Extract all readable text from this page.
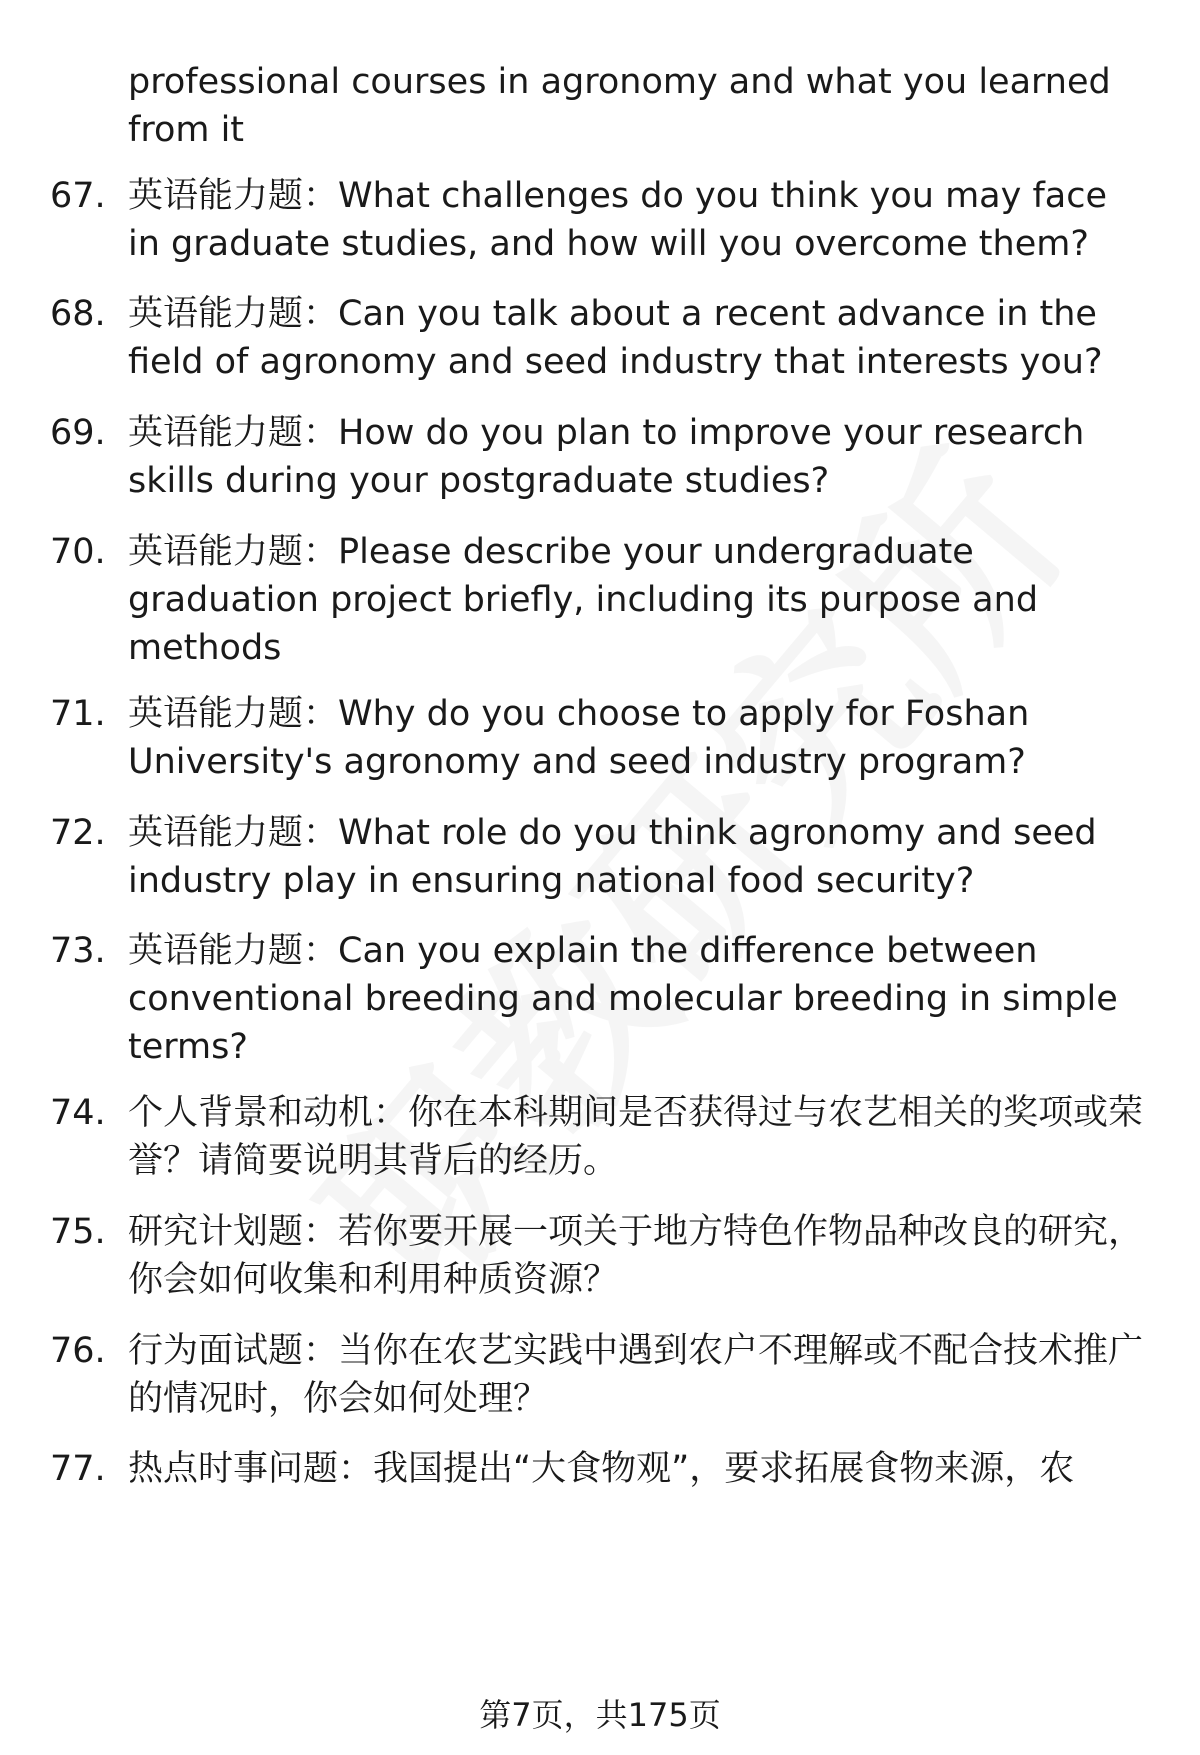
professional courses in agronomy and what you learned from it
67. 英语能力题：What challenges do you think you may face in graduate studies, and how will you overcome them?
68. 英语能力题：Can you talk about a recent advance in the field of agronomy and seed industry that interests you?
69. 英语能力题：How do you plan to improve your research skills during your postgraduate studies?
70. 英语能力题：Please describe your undergraduate graduation project briefly, including its purpose and methods
71. 英语能力题：Why do you choose to apply for Foshan University's agronomy and seed industry program?
72. 英语能力题：What role do you think agronomy and seed industry play in ensuring national food security?
73. 英语能力题：Can you explain the difference between conventional breeding and molecular breeding in simple terms?
74. 个人背景和动机：你在本科期间是否获得过与农艺相关的奖项或荣誉？请简要说明其背后的经历。
75. 研究计划题：若你要开展一项关于地方特色作物品种改良的研究，你会如何收集和利用种质资源？
76. 行为面试题：当你在农艺实践中遇到农户不理解或不配合技术推广的情况时，你会如何处理？
77. 热点时事问题：我国提出“大食物观”，要求拓展食物来源，农
第7页，共175页
